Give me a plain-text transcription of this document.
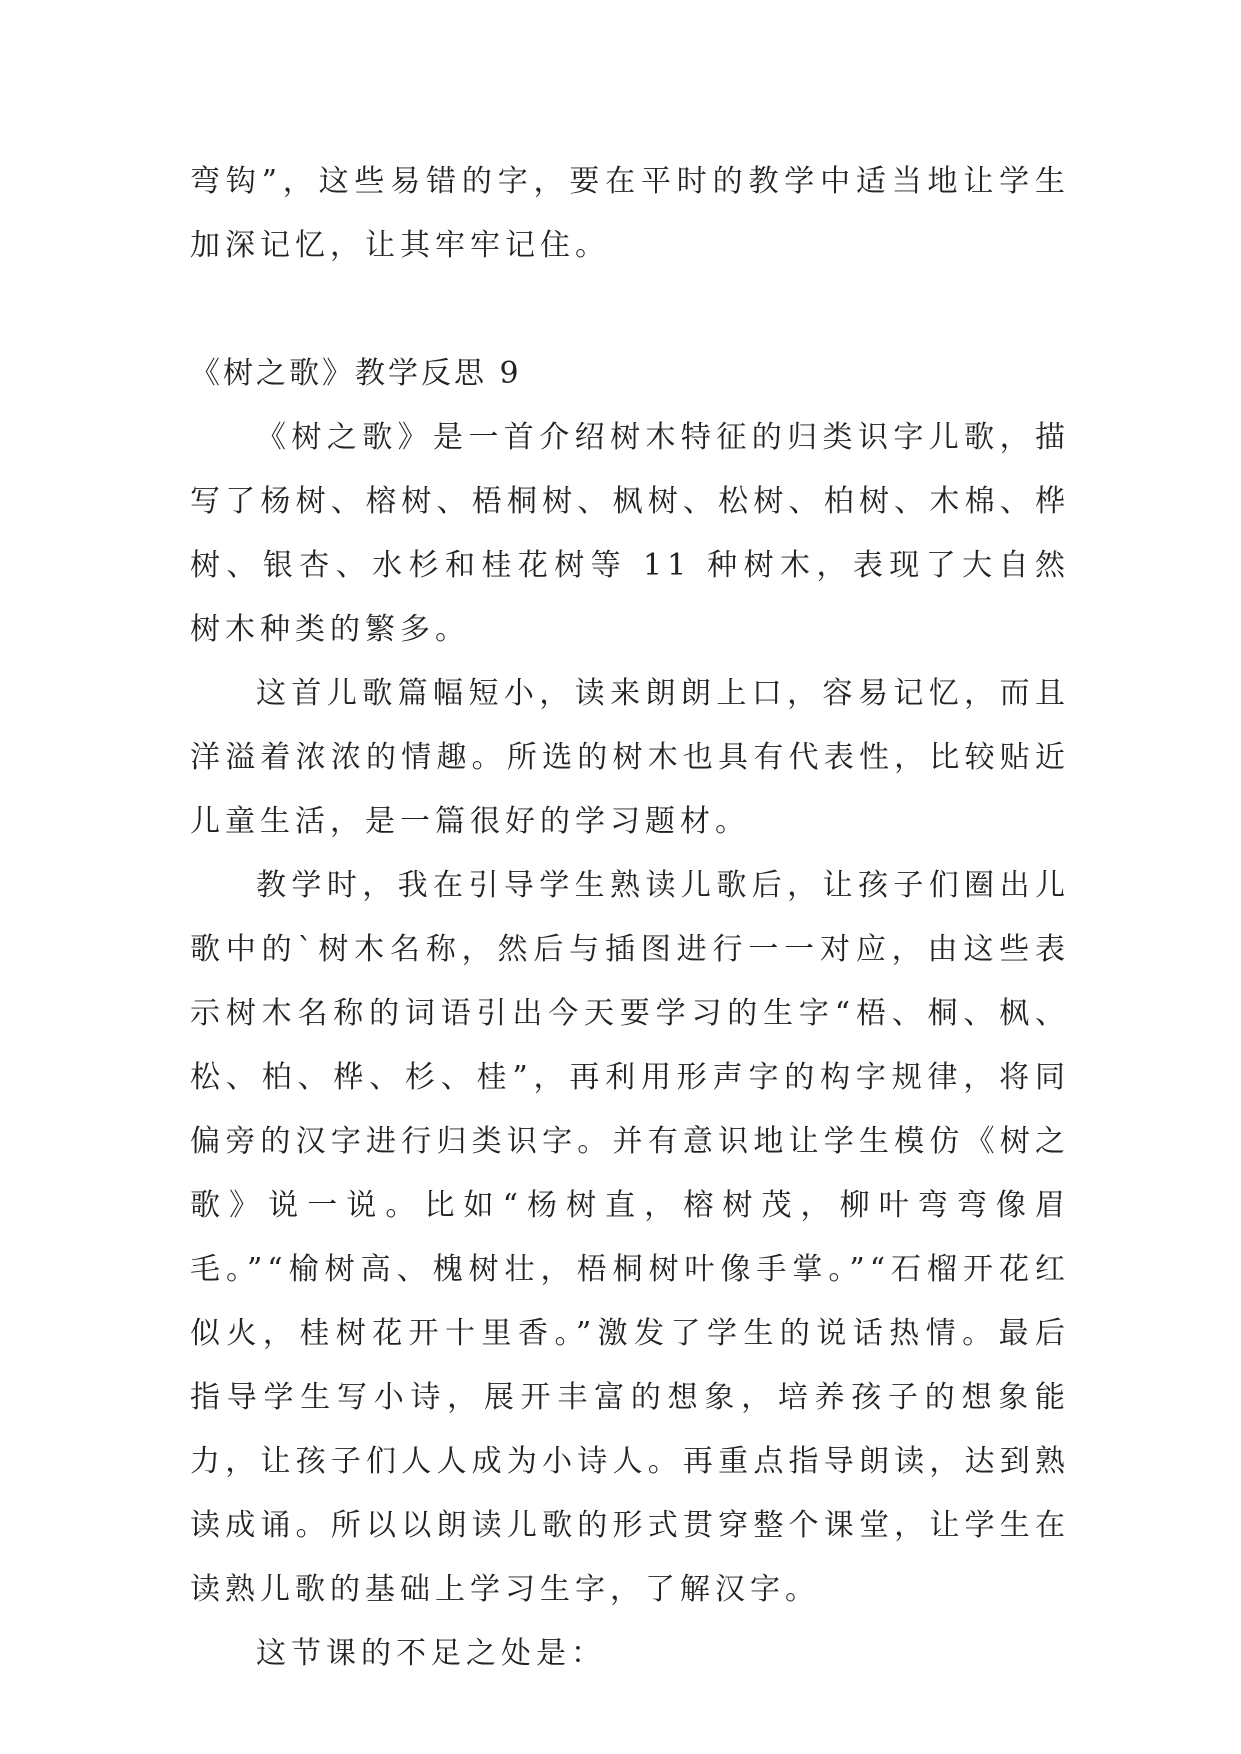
弯钩”，这些易错的字，要在平时的教学中适当地让学生加深记忆，让其牢牢记住。

《树之歌》教学反思 9

《树之歌》是一首介绍树木特征的归类识字儿歌，描写了杨树、榕树、梧桐树、枫树、松树、柏树、木棉、桦树、银杏、水杉和桂花树等 11 种树木，表现了大自然树木种类的繁多。

这首儿歌篇幅短小，读来朗朗上口，容易记忆，而且洋溢着浓浓的情趣。所选的树木也具有代表性，比较贴近儿童生活，是一篇很好的学习题材。

教学时，我在引导学生熟读儿歌后，让孩子们圈出儿歌中的`树木名称，然后与插图进行一一对应，由这些表示树木名称的词语引出今天要学习的生字“梧、桐、枫、松、柏、桦、杉、桂”，再利用形声字的构字规律，将同偏旁的汉字进行归类识字。并有意识地让学生模仿《树之歌》说一说。比如“杨树直，榕树茂，柳叶弯弯像眉毛。”“榆树高、槐树壮，梧桐树叶像手掌。”“石榴开花红似火，桂树花开十里香。”激发了学生的说话热情。最后指导学生写小诗，展开丰富的想象，培养孩子的想象能力，让孩子们人人成为小诗人。再重点指导朗读，达到熟读成诵。所以以朗读儿歌的形式贯穿整个课堂，让学生在读熟儿歌的基础上学习生字，了解汉字。

这节课的不足之处是：
